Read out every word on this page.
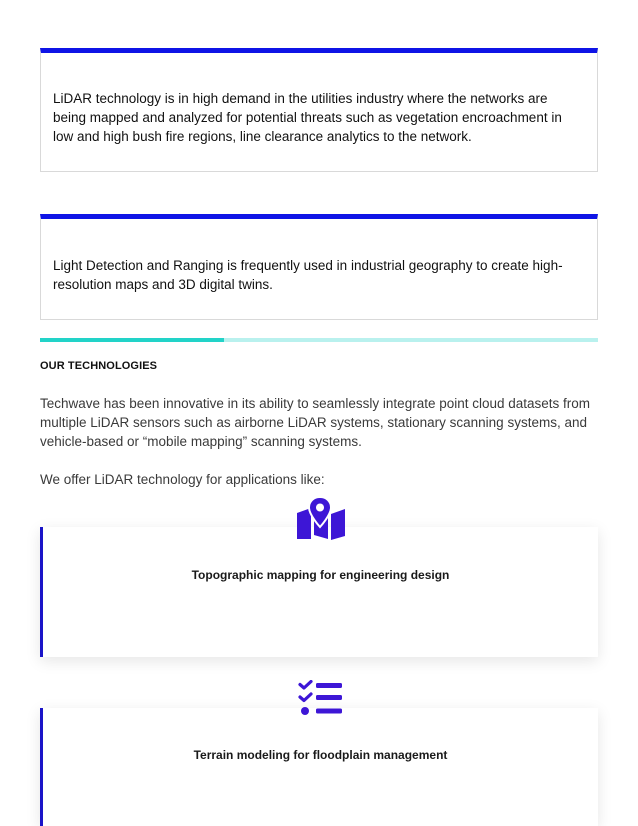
LiDAR technology is in high demand in the utilities industry where the networks are being mapped and analyzed for potential threats such as vegetation encroachment in low and high bush fire regions, line clearance analytics to the network.

Light Detection and Ranging is frequently used in industrial geography to create high-resolution maps and 3D digital twins.

OUR TECHNOLOGIES

Techwave has been innovative in its ability to seamlessly integrate point cloud datasets from multiple LiDAR sensors such as airborne LiDAR systems, stationary scanning systems, and vehicle-based or “mobile mapping” scanning systems.

We offer LiDAR technology for applications like:

Topographic mapping for engineering design
Terrain modeling for floodplain management
